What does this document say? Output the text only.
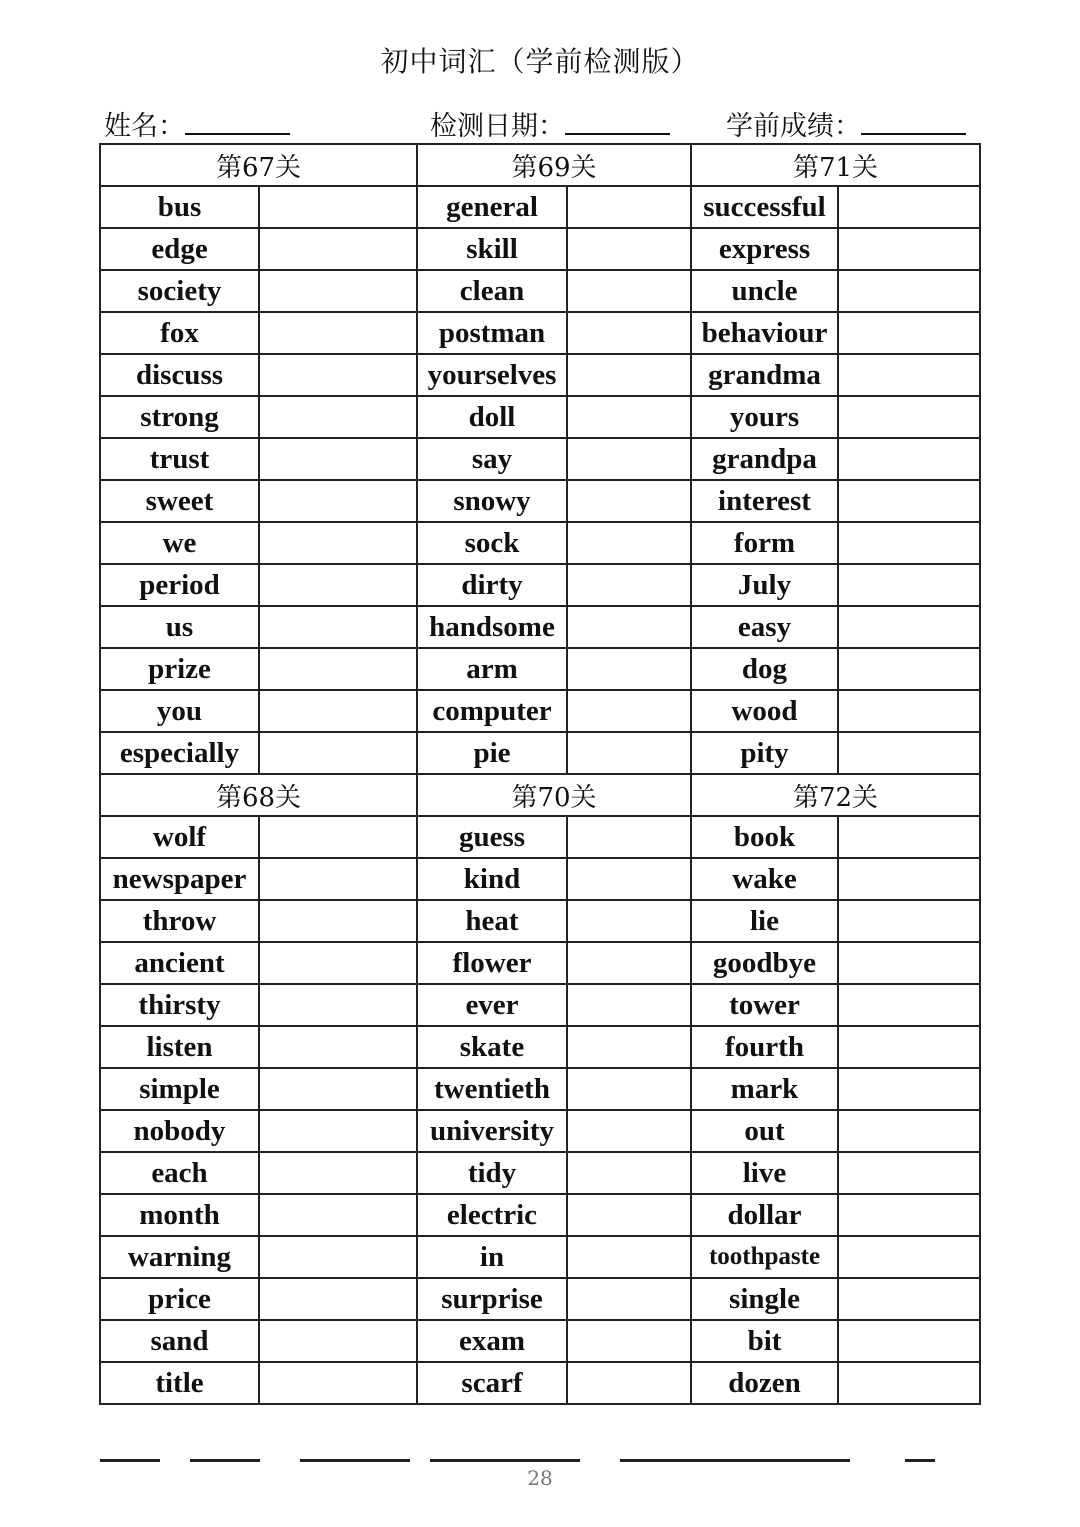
初中词汇（学前检测版）
姓名：	检测日期：	学前成绩：
第67关		第69关		第71关	
bus		general		successful	
edge		skill		express	
society		clean		uncle	
fox		postman		behaviour	
discuss		yourselves		grandma	
strong		doll		yours	
trust		say		grandpa	
sweet		snowy		interest	
we		sock		form	
period		dirty		July	
us		handsome		easy	
prize		arm		dog	
you		computer		wood	
especially		pie		pity	
第68关		第70关		第72关	
wolf		guess		book	
newspaper		kind		wake	
throw		heat		lie	
ancient		flower		goodbye	
thirsty		ever		tower	
listen		skate		fourth	
simple		twentieth		mark	
nobody		university		out	
each		tidy		live	
month		electric		dollar	
warning		in		toothpaste	
price		surprise		single	
sand		exam		bit	
title		scarf		dozen	
28
